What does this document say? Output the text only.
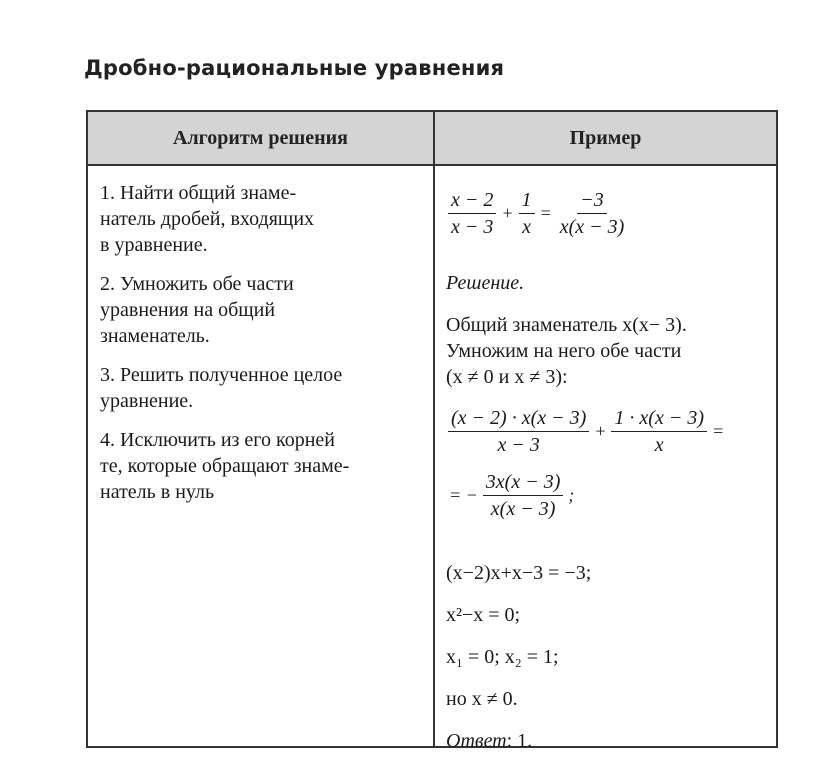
Дробно-рациональные уравнения
Алгоритм решения	Пример
1. Найти общий знаме-
натель дробей, входящих
в уравнение.
2. Умножить обе части
уравнения на общий
знаменатель.
3. Решить полученное целое
уравнение.
4. Исключить из его корней
те, которые обращают знаме-
натель в нуль
$\frac{x - 2}{x - 3} + \frac{1}{x} = \frac{-3}{x(x - 3)}$
Решение.
Общий знаменатель x(x− 3).
Умножим на него обе части
(x ≠ 0 и x ≠ 3):
$\frac{(x - 2) \cdot x(x - 3)}{x - 3} + \frac{1 \cdot x(x - 3)}{x}$ =
= − $\frac{3x(x - 3)}{x(x - 3)}$ ;
(x−2)x+x−3 = −3;
x²−x = 0;
x₁ = 0; x₂ = 1;
но x ≠ 0.
Ответ: 1.
